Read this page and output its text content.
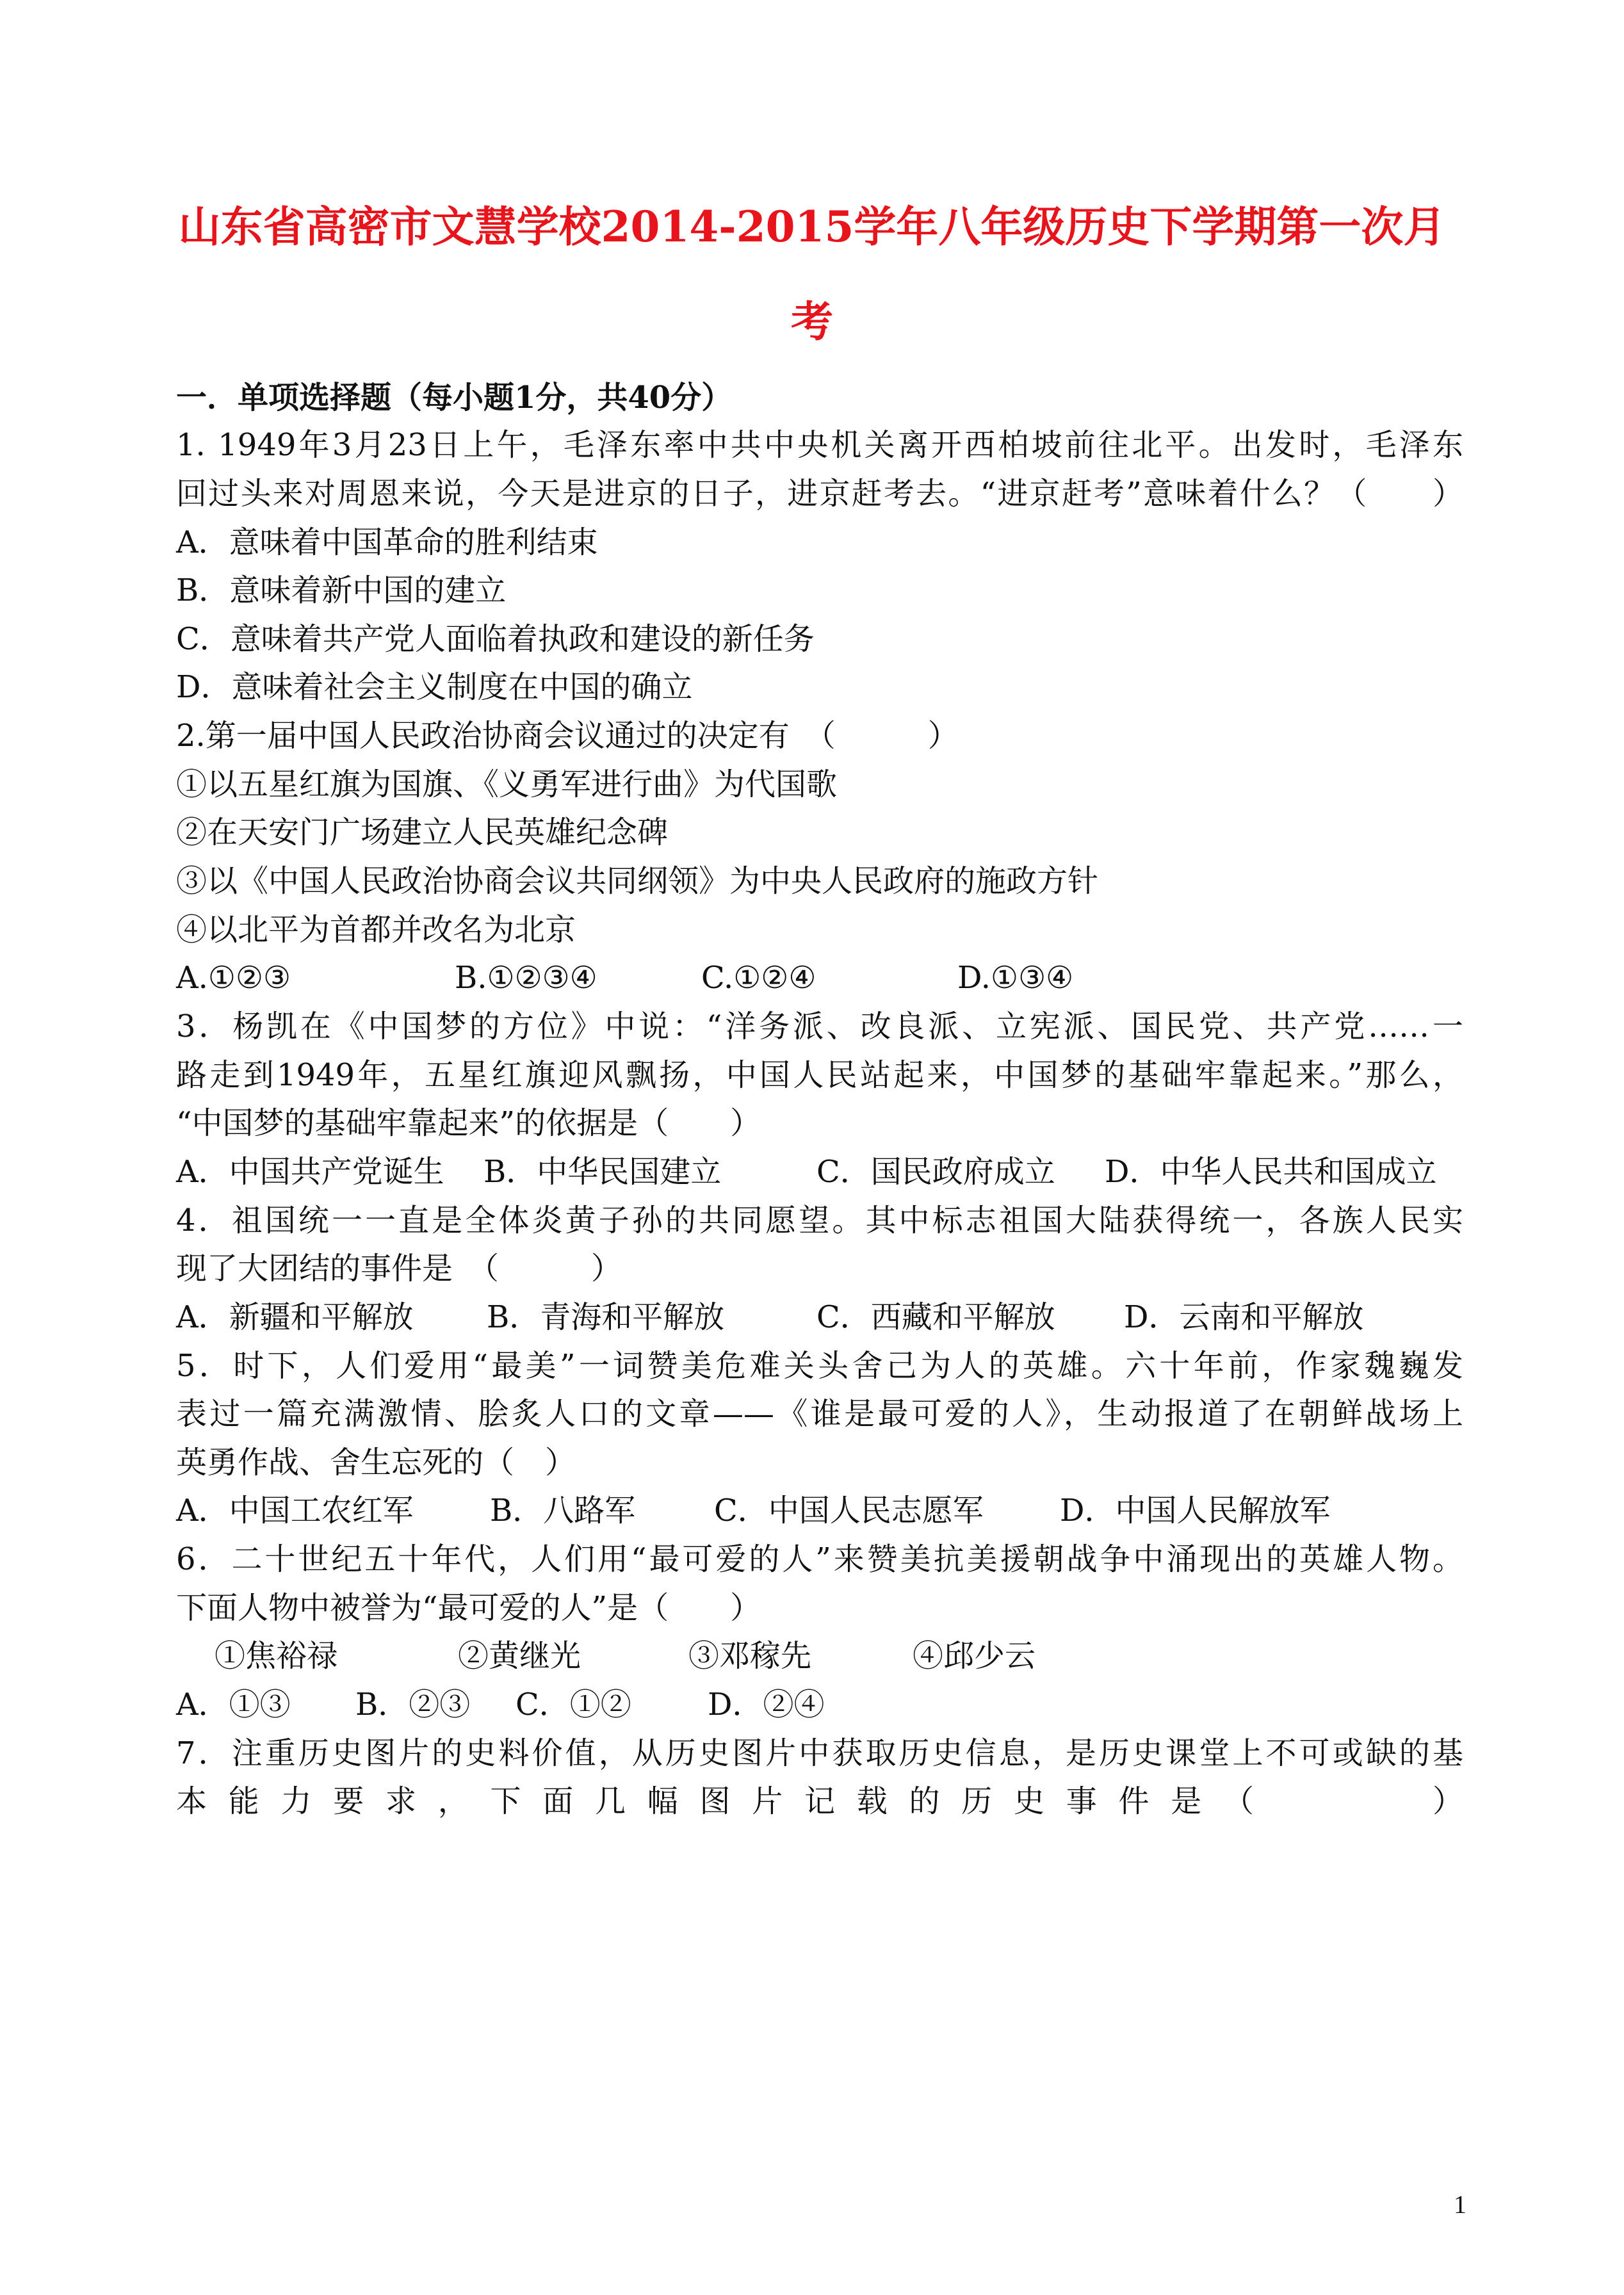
山东省高密市文慧学校2014-2015学年八年级历史下学期第一次月
考
一．单项选择题（每小题1分，共40分）
1. 1949年3月23日上午，毛泽东率中共中央机关离开西柏坡前往北平。出发时，毛泽东
回过头来对周恩来说，今天是进京的日子，进京赶考去。“进京赶考”意味着什么？（　　）
A．意味着中国革命的胜利结束
B．意味着新中国的建立
C．意味着共产党人面临着执政和建设的新任务
D．意味着社会主义制度在中国的确立
2.第一届中国人民政治协商会议通过的决定有　（　　　）
①以五星红旗为国旗、《义勇军进行曲》为代国歌
②在天安门广场建立人民英雄纪念碑
③以《中国人民政治协商会议共同纲领》为中央人民政府的施政方针
④以北平为首都并改名为北京

A.①②③

	B.①②③④

	C.①②④

	D.①③④

3．杨凯在《中国梦的方位》中说：“洋务派、改良派、立宪派、国民党、共产党……一
路走到1949年，五星红旗迎风飘扬，中国人民站起来，中国梦的基础牢靠起来。”那么，
“中国梦的基础牢靠起来”的依据是（　　）

A．中国共产党诞生

B．中华民国建立

	C．国民政府成立

D．中华人民共和国成立

4．祖国统一一直是全体炎黄子孙的共同愿望。其中标志祖国大陆获得统一，各族人民实
现了大团结的事件是　（　　　）

A．新疆和平解放

B．青海和平解放

	C．西藏和平解放

D．云南和平解放

5．时下，人们爱用“最美”一词赞美危难关头舍己为人的英雄。六十年前，作家魏巍发
表过一篇充满激情、脍炙人口的文章——《谁是最可爱的人》，生动报道了在朝鲜战场上
英勇作战、舍生忘死的（　）

A．中国工农红军

B．八路军

	C．中国人民志愿军

D．中国人民解放军

6．二十世纪五十年代，人们用“最可爱的人”来赞美抗美援朝战争中涌现出的英雄人物。
下面人物中被誉为“最可爱的人”是（　　）

①焦裕禄

	②黄继光

	③邓稼先

	④邱少云

A．①③

B．②③

C．①②

D．②④

7．注重历史图片的史料价值，从历史图片中获取历史信息，是历史课堂上不可或缺的基
本能力要求，下面几幅图片记载的历史事件是（　　　）
1
